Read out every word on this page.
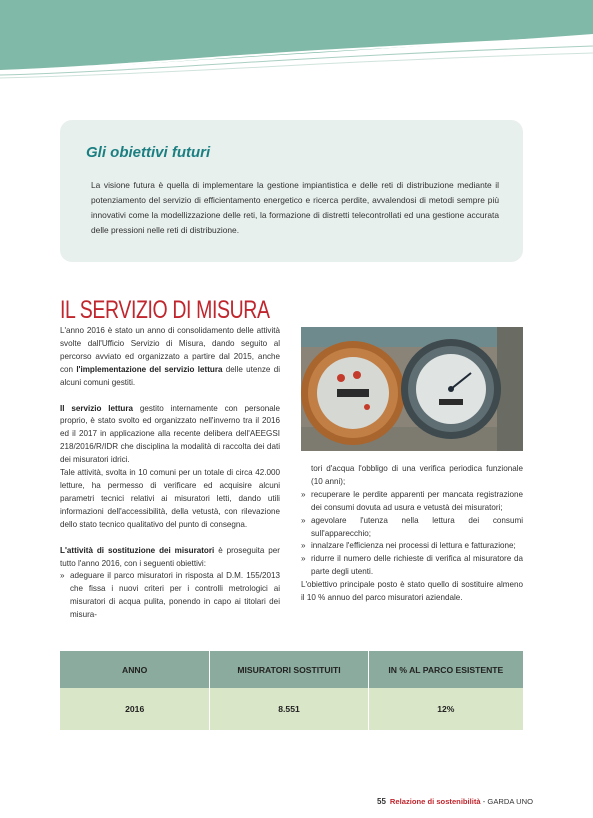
Gli obiettivi futuri
La visione futura è quella di implementare la gestione impiantistica e delle reti di distribuzione mediante il potenziamento del servizio di efficientamento energetico e ricerca perdite, avvalendosi di metodi sempre più innovativi come la modellizzazione delle reti, la formazione di distretti telecontrollati ed una gestione accurata delle pressioni nelle reti di distribuzione.
IL SERVIZIO DI MISURA

L'anno 2016 è stato un anno di consolidamento delle attività svolte dall'Ufficio Servizio di Misura, dando seguito al percorso avviato ed organizzato a partire dal 2015, anche con l'implementazione del servizio lettura delle utenze di alcuni comuni gestiti.

Il servizio lettura gestito internamente con personale proprio, è stato svolto ed organizzato nell'inverno tra il 2016 ed il 2017 in applicazione alla recente delibera dell'AEEGSI 218/2016/R/IDR che disciplina la modalità di raccolta dei dati dei misuratori idrici.

Tale attività, svolta in 10 comuni per un totale di circa 42.000 letture, ha permesso di verificare ed acquisire alcuni parametri tecnici relativi ai misuratori letti, dando utili informazioni dell'accessibilità, della vetustà, con rilevazione dello stato tecnico qualitativo del punto di consegna.

L'attività di sostituzione dei misuratori è proseguita per tutto l'anno 2016, con i seguenti obiettivi:

» adeguare il parco misuratori in risposta al D.M. 155/2013 che fissa i nuovi criteri per i controlli metrologici ai misuratori di acqua pulita, ponendo in capo ai titolari dei misura-

tori d'acqua l'obbligo di una verifica periodica funzionale (10 anni);

» recuperare le perdite apparenti per mancata registrazione dei consumi dovuta ad usura e vetustà dei misuratori;
» agevolare l'utenza nella lettura dei consumi sull'apparecchio;
» innalzare l'efficienza nei processi di lettura e fatturazione;
» ridurre il numero delle richieste di verifica al misuratore da parte degli utenti.

L'obiettivo principale posto è stato quello di sostituire almeno il 10 % annuo del parco misuratori aziendale.

ANNO	MISURATORI SOSTITUITI	IN % AL PARCO ESISTENTE
2016	8.551	12%
55 Relazione di sostenibilità - GARDA UNO
